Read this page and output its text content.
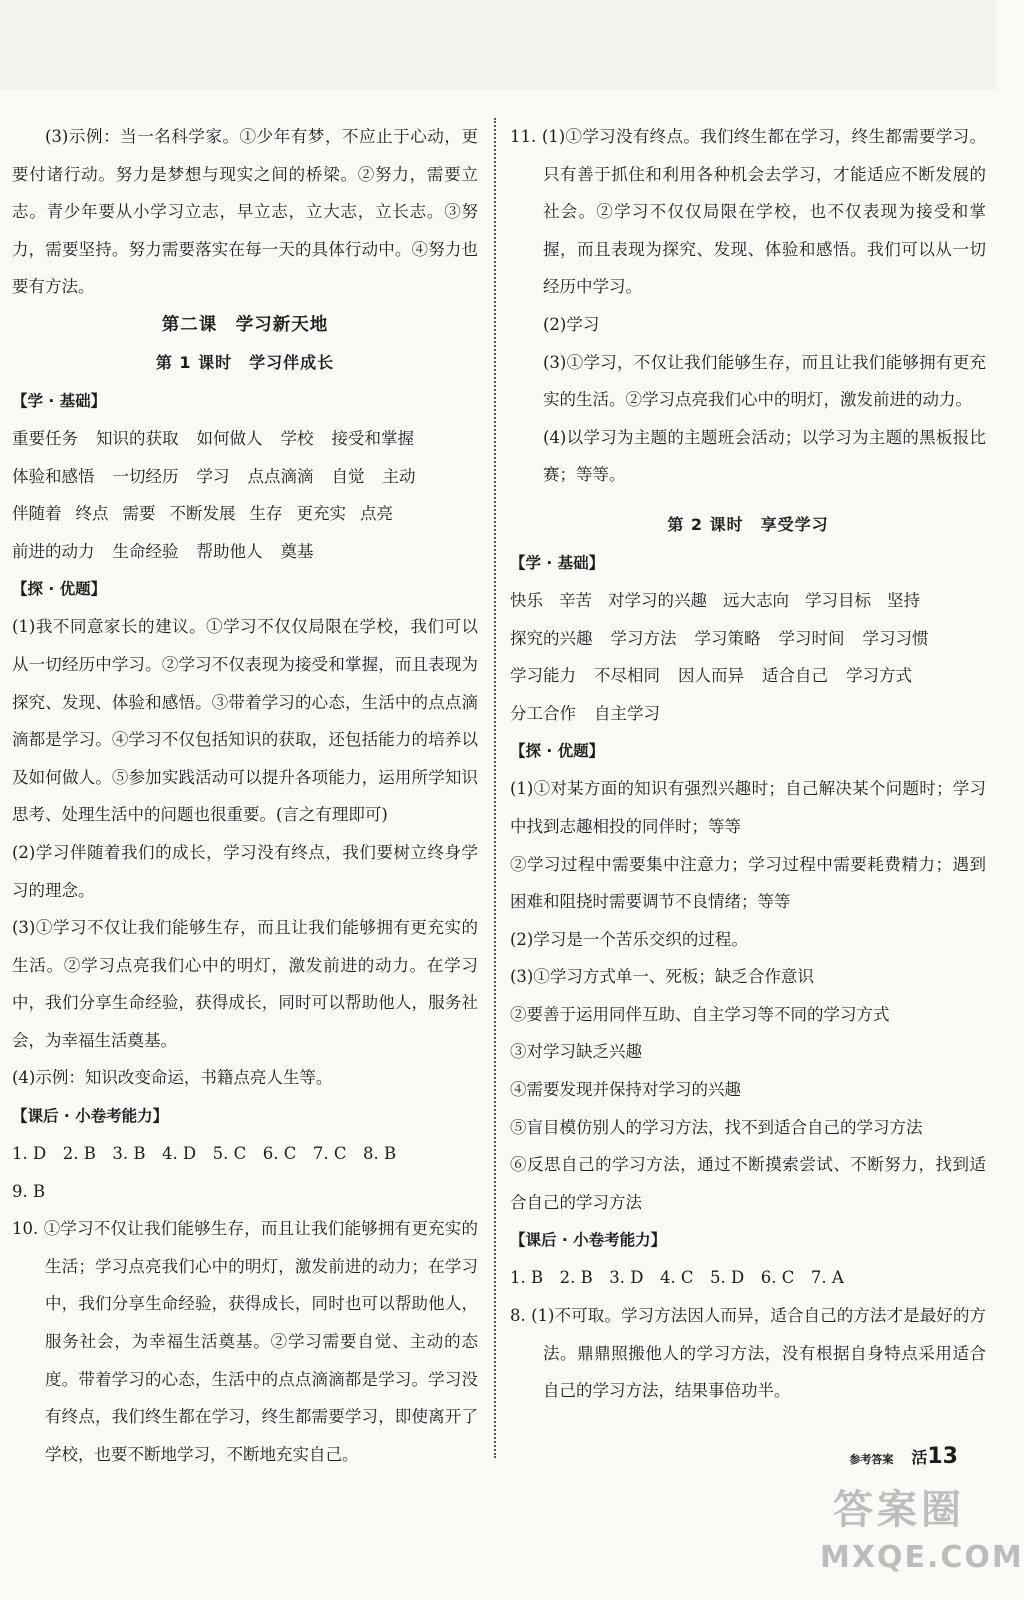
(3)示例：当一名科学家。①少年有梦，不应止于心动，更要付诸行动。努力是梦想与现实之间的桥梁。②努力，需要立志。青少年要从小学习立志，早立志，立大志，立长志。③努力，需要坚持。努力需要落实在每一天的具体行动中。④努力也要有方法。

第二课　学习新天地
第 1 课时　学习伴成长
【学 · 基础】
重要任务 知识的获取 如何做人 学校 接受和掌握
体验和感悟 一切经历 学习 点点滴滴 自觉 主动
伴随着 终点 需要 不断发展 生存 更充实 点亮
前进的动力 生命经验 帮助他人 奠基
【探 · 优题】

(1)我不同意家长的建议。①学习不仅仅局限在学校，我们可以从一切经历中学习。②学习不仅表现为接受和掌握，而且表现为探究、发现、体验和感悟。③带着学习的心态，生活中的点点滴滴都是学习。④学习不仅包括知识的获取，还包括能力的培养以及如何做人。⑤参加实践活动可以提升各项能力，运用所学知识思考、处理生活中的问题也很重要。(言之有理即可)

(2)学习伴随着我们的成长，学习没有终点，我们要树立终身学习的理念。

(3)①学习不仅让我们能够生存，而且让我们能够拥有更充实的生活。②学习点亮我们心中的明灯，激发前进的动力。在学习中，我们分享生命经验，获得成长，同时可以帮助他人，服务社会，为幸福生活奠基。

(4)示例：知识改变命运，书籍点亮人生等。

【课后 · 小卷考能力】

1. D　2. B　3. B　4. D　5. C　6. C　7. C　8. B

9. B

10. ①学习不仅让我们能够生存，而且让我们能够拥有更充实的生活；学习点亮我们心中的明灯，激发前进的动力；在学习中，我们分享生命经验，获得成长，同时也可以帮助他人，服务社会，为幸福生活奠基。②学习需要自觉、主动的态度。带着学习的心态，生活中的点点滴滴都是学习。学习没有终点，我们终生都在学习，终生都需要学习，即使离开了学校，也要不断地学习，不断地充实自己。

11. (1)①学习没有终点。我们终生都在学习，终生都需要学习。只有善于抓住和利用各种机会去学习，才能适应不断发展的社会。②学习不仅仅局限在学校，也不仅表现为接受和掌握，而且表现为探究、发现、体验和感悟。我们可以从一切经历中学习。

(2)学习

(3)①学习，不仅让我们能够生存，而且让我们能够拥有更充实的生活。②学习点亮我们心中的明灯，激发前进的动力。

(4)以学习为主题的主题班会活动；以学习为主题的黑板报比赛；等等。

第 2 课时　享受学习
【学 · 基础】
快乐 辛苦 对学习的兴趣 远大志向 学习目标 坚持
探究的兴趣 学习方法 学习策略 学习时间 学习习惯
学习能力 不尽相同 因人而异 适合自己 学习方式
分工合作 自主学习
【探 · 优题】

(1)①对某方面的知识有强烈兴趣时；自己解决某个问题时；学习中找到志趣相投的同伴时；等等

②学习过程中需要集中注意力；学习过程中需要耗费精力；遇到困难和阻挠时需要调节不良情绪；等等

(2)学习是一个苦乐交织的过程。

(3)①学习方式单一、死板；缺乏合作意识

②要善于运用同伴互助、自主学习等不同的学习方式

③对学习缺乏兴趣

④需要发现并保持对学习的兴趣

⑤盲目模仿别人的学习方法，找不到适合自己的学习方法

⑥反思自己的学习方法，通过不断摸索尝试、不断努力，找到适合自己的学习方法

【课后 · 小卷考能力】

1. B　2. B　3. D　4. C　5. D　6. C　7. A

8. (1)不可取。学习方法因人而异，适合自己的方法才是最好的方法。鼎鼎照搬他人的学习方法，没有根据自身特点采用适合自己的学习方法，结果事倍功半。

参考答案 活13
答案圈
MXQE.COM
